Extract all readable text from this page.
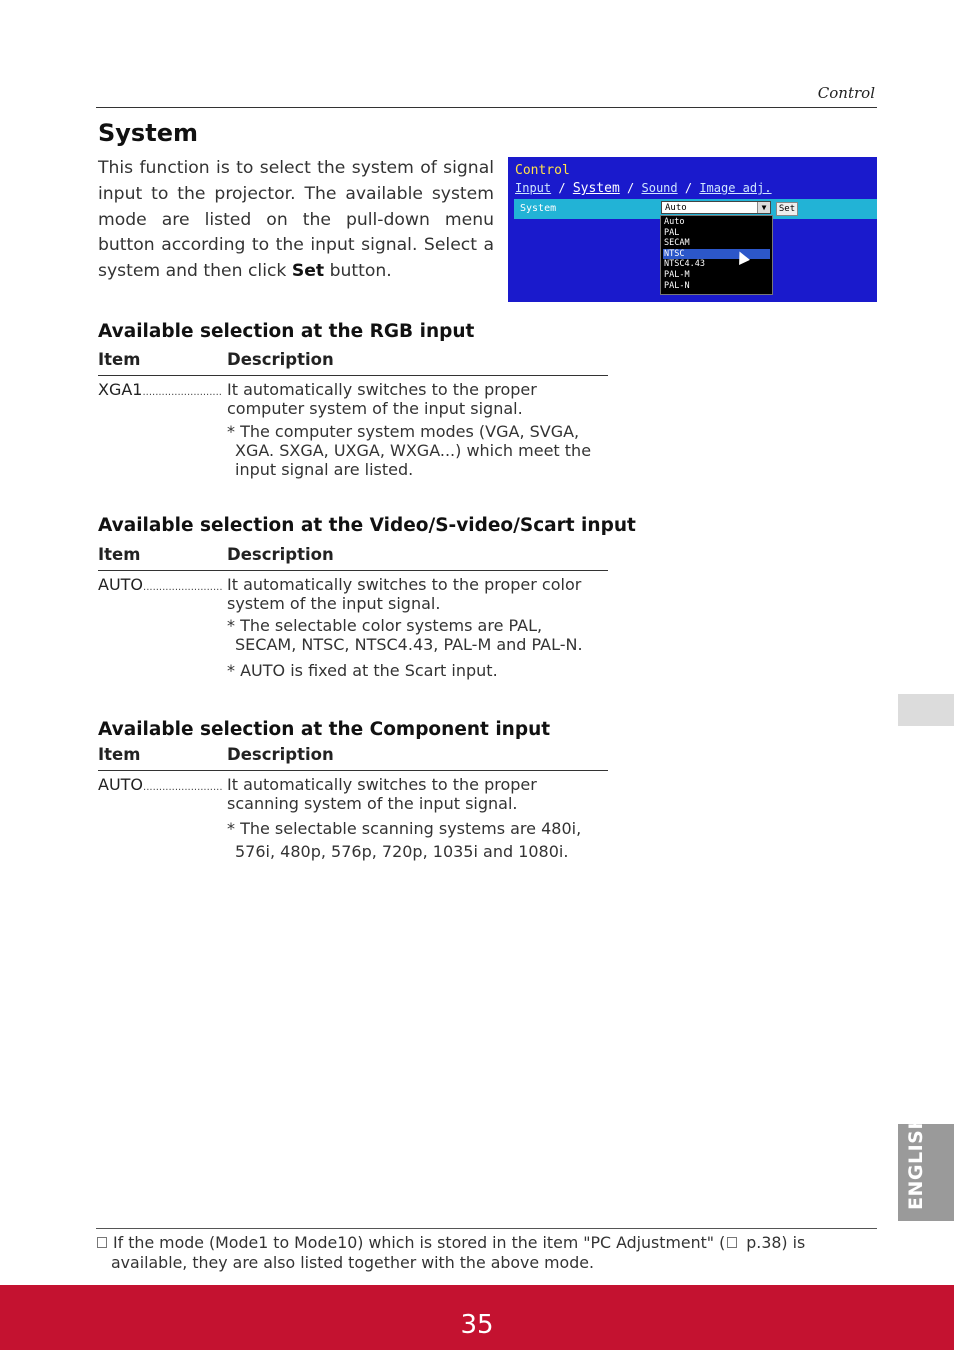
Control
System
This function is to select the system of signal input to the projector. The available system mode are listed on the pull-down menu button according to the input signal. Select a system and then click Set button.
Control
Input / System / Sound / Image adj.
System	Auto	▼	Set
Auto
PAL
SECAM
NTSC
NTSC4.43
PAL-M
PAL-N
Available selection at the RGB input
Item	Description
XGA1......................... It automatically switches to the proper computer system of the input signal.
* The computer system modes (VGA, SVGA, XGA. SXGA, UXGA, WXGA...) which meet the input signal are listed.
Available selection at the Video/S-video/Scart input
Item	Description
AUTO......................... It automatically switches to the proper color system of the input signal.
* The selectable color systems are PAL, SECAM, NTSC, NTSC4.43, PAL-M and PAL-N.
* AUTO is fixed at the Scart input.
Available selection at the Component input
Item	Description
AUTO......................... It automatically switches to the proper scanning system of the input signal.
* The selectable scanning systems are 480i, 576i, 480p, 576p, 720p, 1035i and 1080i.
ENGLISH
If the mode (Mode1 to Mode10) which is stored in the item "PC Adjustment" ( p.38) is available, they are also listed together with the above mode.
35
